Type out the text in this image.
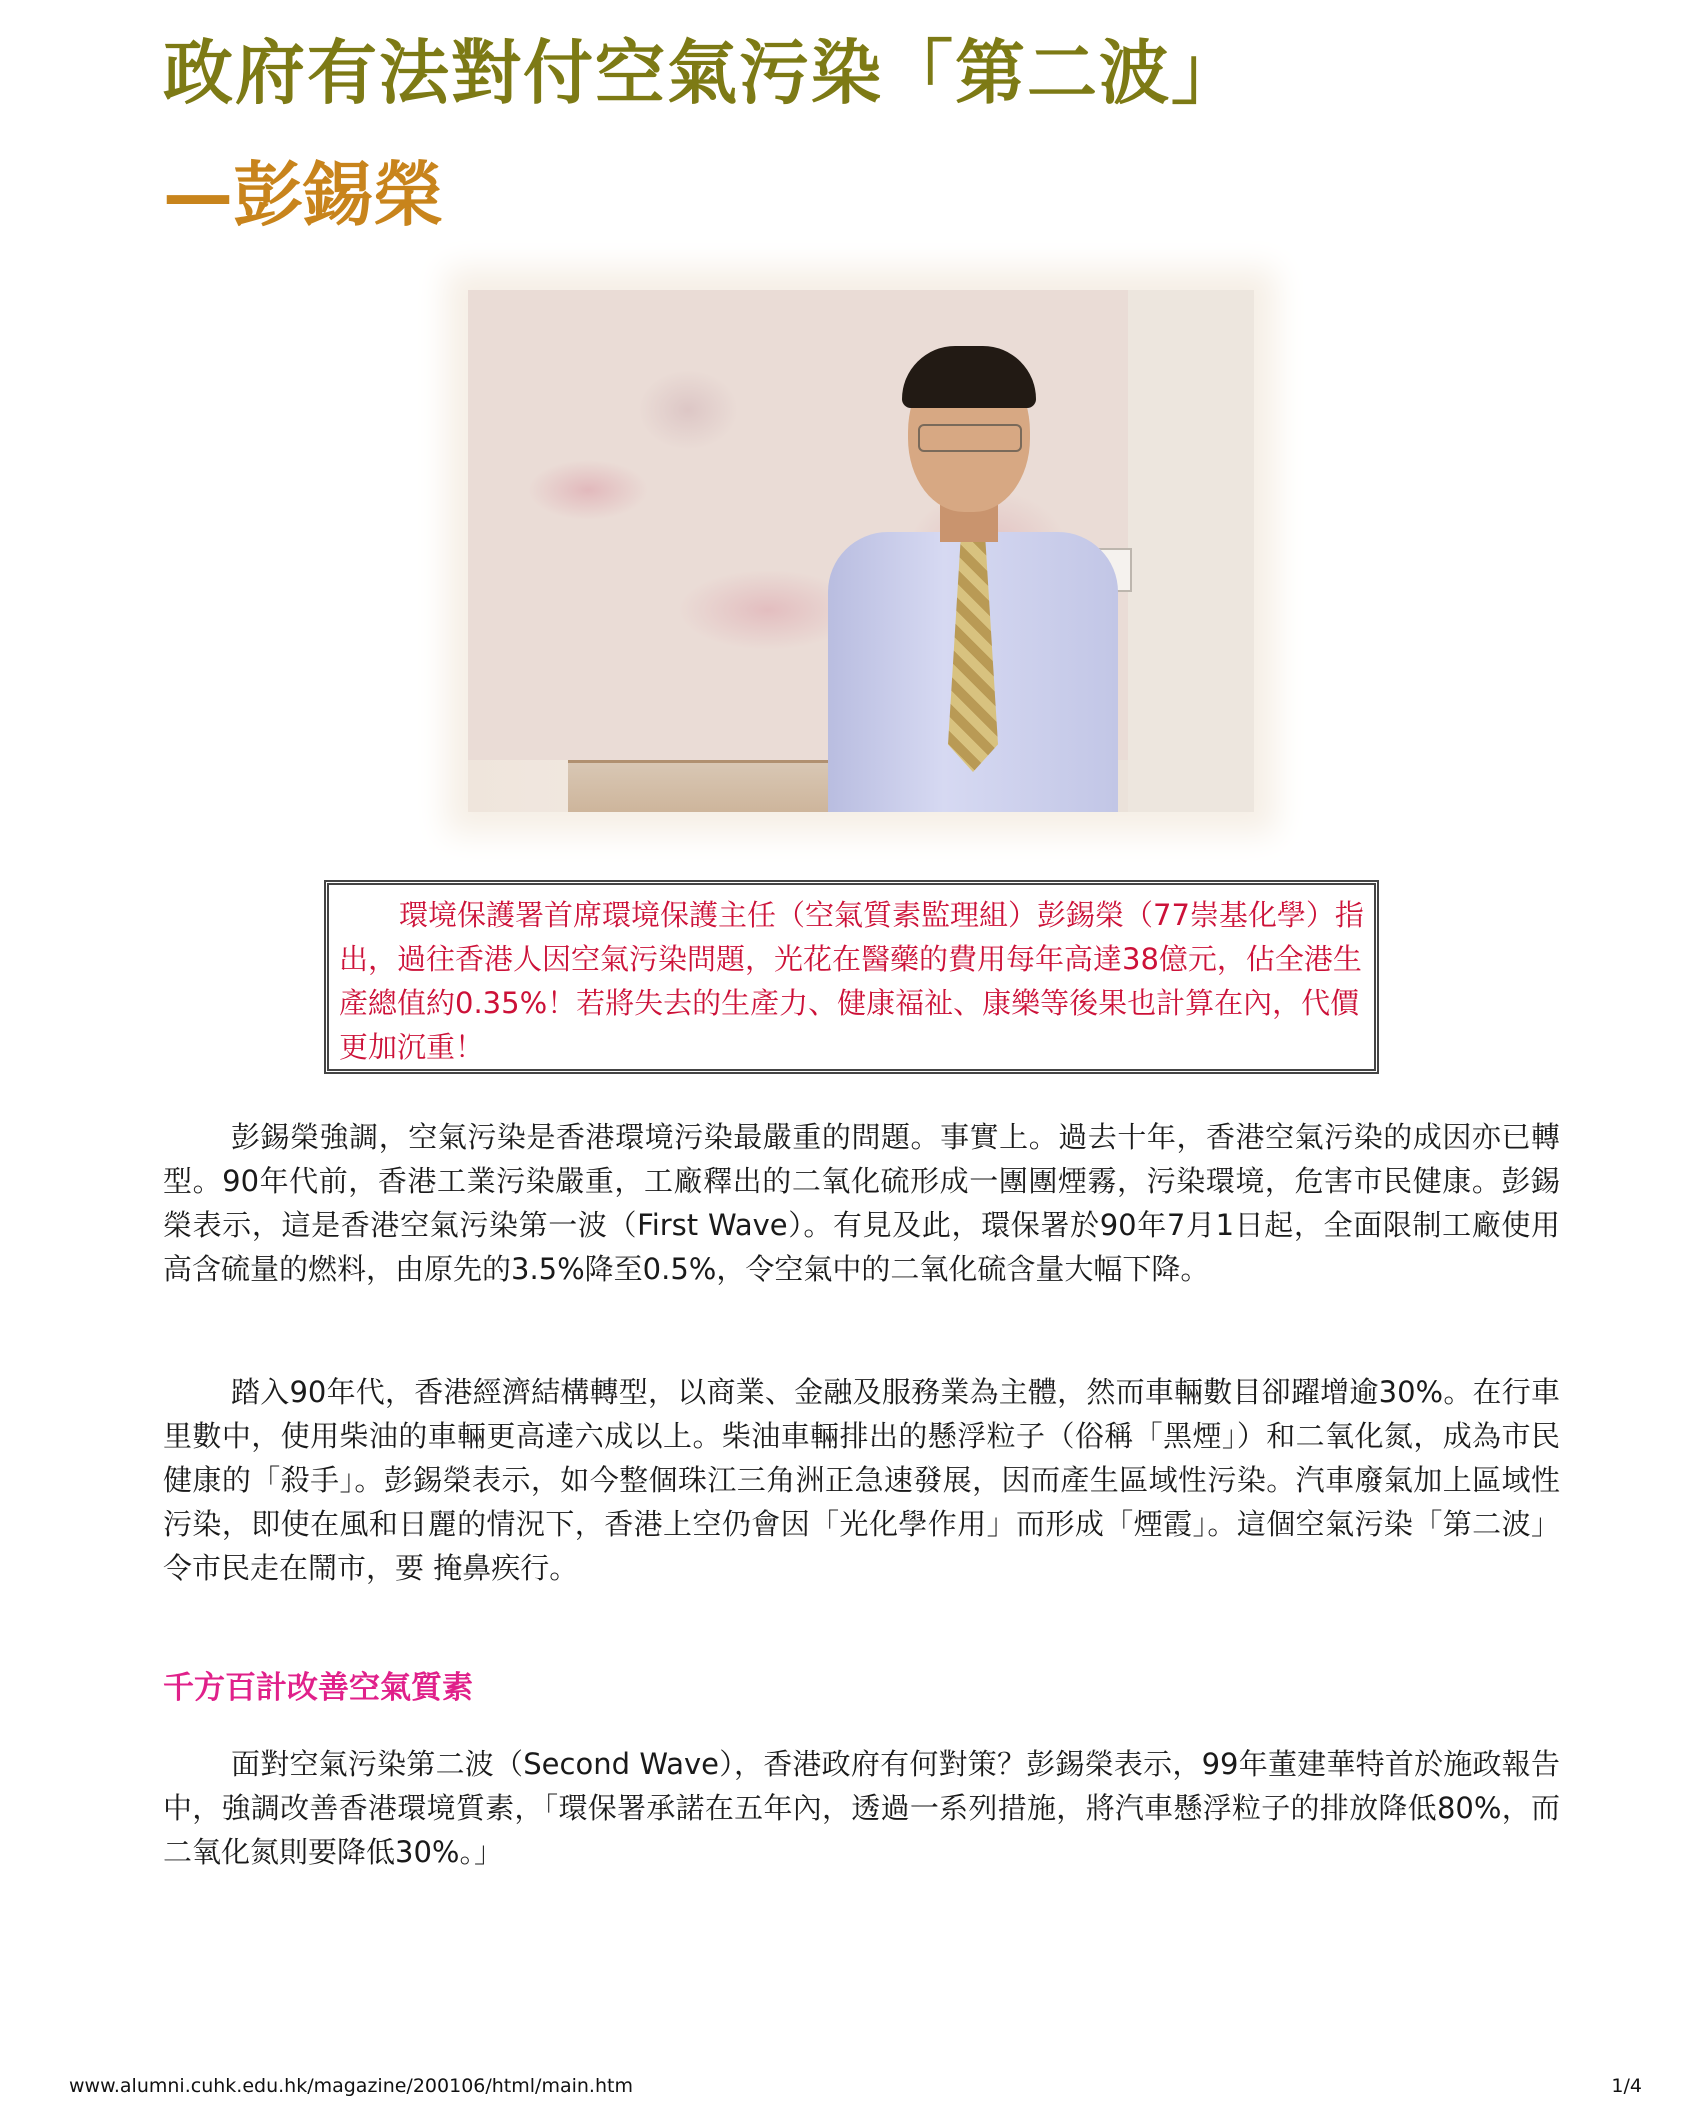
政府有法對付空氣污染「第二波」
—彭錫榮

環境保護署首席環境保護主任（空氣質素監理組）彭錫榮（77崇基化學）指出，過往香港人因空氣污染問題，光花在醫藥的費用每年高達38億元，佔全港生產總值約0.35%！若將失去的生產力、健康福祉、康樂等後果也計算在內，代價更加沉重！

彭錫榮強調，空氣污染是香港環境污染最嚴重的問題。事實上。過去十年，香港空氣污染的成因亦已轉型。90年代前，香港工業污染嚴重，工廠釋出的二氧化硫形成一團團煙霧，污染環境，危害市民健康。彭錫榮表示，這是香港空氣污染第一波（First Wave）。有見及此，環保署於90年7月1日起，全面限制工廠使用高含硫量的燃料，由原先的3.5%降至0.5%，令空氣中的二氧化硫含量大幅下降。

踏入90年代，香港經濟結構轉型，以商業、金融及服務業為主體，然而車輛數目卻躍增逾30%。在行車里數中，使用柴油的車輛更高達六成以上。柴油車輛排出的懸浮粒子（俗稱「黑煙」）和二氧化氮，成為市民健康的「殺手」。彭錫榮表示，如今整個珠江三角洲正急速發展，因而產生區域性污染。汽車廢氣加上區域性污染，即使在風和日麗的情況下，香港上空仍會因「光化學作用」而形成「煙霞」。這個空氣污染「第二波」令市民走在鬧市，要 掩鼻疾行。

千方百計改善空氣質素

面對空氣污染第二波（Second Wave），香港政府有何對策？彭錫榮表示，99年董建華特首於施政報告中，強調改善香港環境質素，「環保署承諾在五年內，透過一系列措施，將汽車懸浮粒子的排放降低80%，而二氧化氮則要降低30%。」

www.alumni.cuhk.edu.hk/magazine/200106/html/main.htm	1/4
